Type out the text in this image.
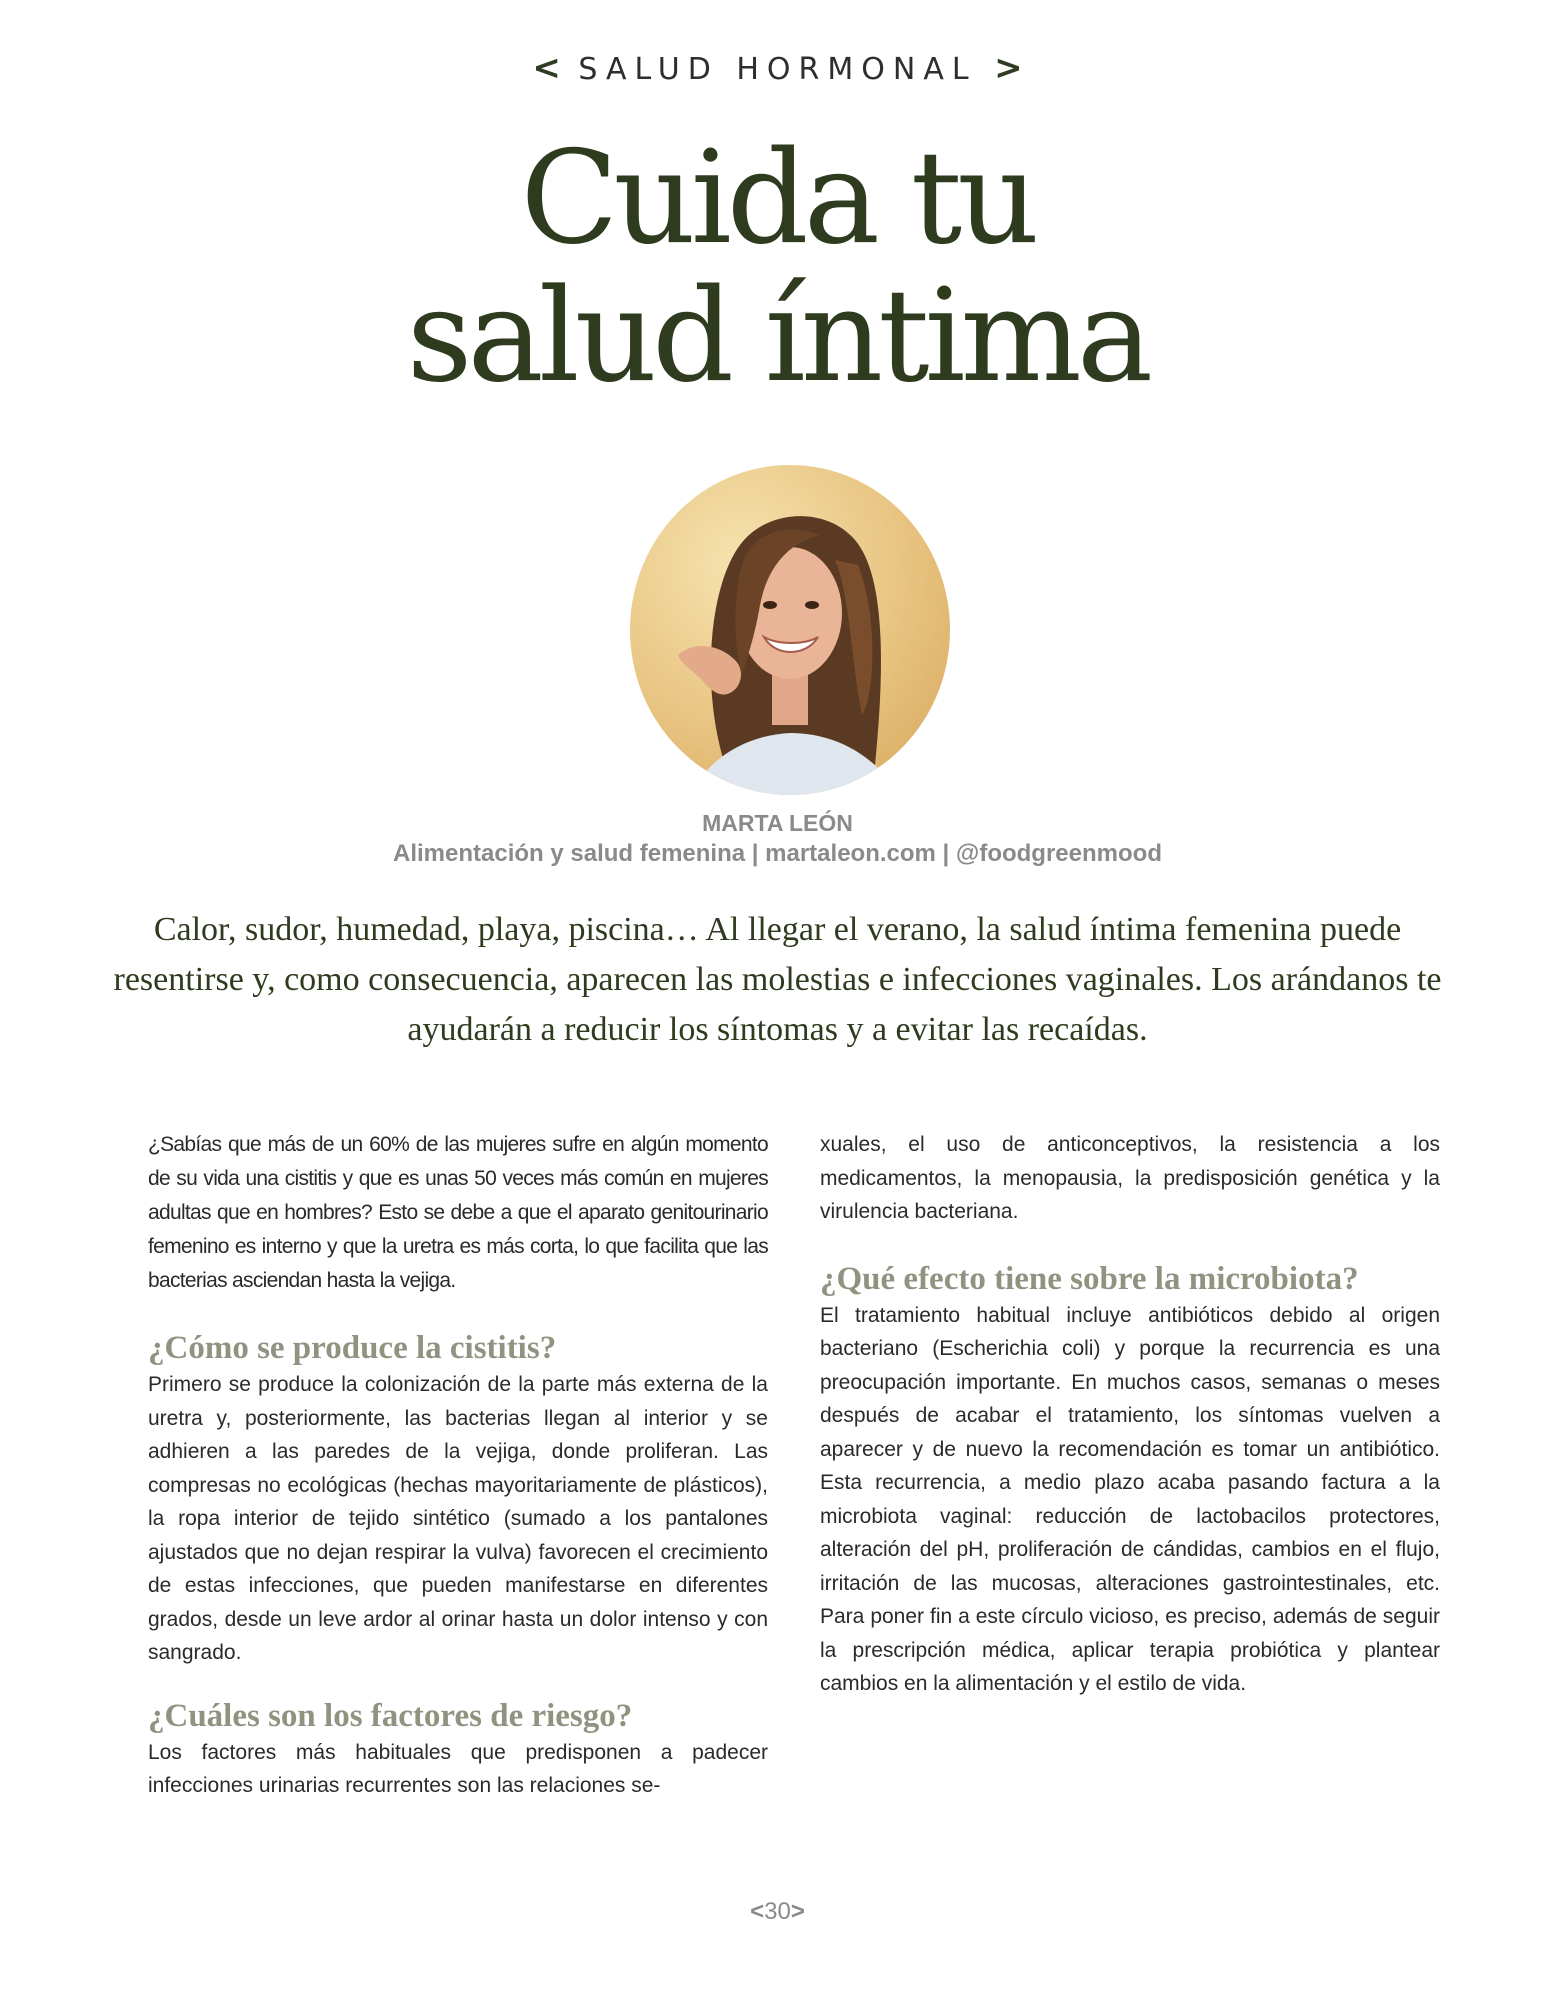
< SALUD HORMONAL >
Cuida tu
salud íntima
MARTA LEÓN
Alimentación y salud femenina | martaleon.com | @foodgreenmood

Calor, sudor, humedad, playa, piscina… Al llegar el verano, la salud íntima femenina puede resentirse y, como consecuencia, aparecen las molestias e infecciones vaginales. Los arándanos te ayudarán a reducir los síntomas y a evitar las recaídas.

¿Sabías que más de un 60% de las mujeres sufre en algún momento de su vida una cistitis y que es unas 50 veces más común en mujeres adultas que en hombres? Esto se debe a que el aparato genitourinario femenino es interno y que la uretra es más corta, lo que facilita que las bacterias asciendan hasta la vejiga.

¿Cómo se produce la cistitis?

Primero se produce la colonización de la parte más externa de la uretra y, posteriormente, las bacterias llegan al interior y se adhieren a las paredes de la vejiga, donde proliferan. Las compresas no ecológicas (hechas mayoritariamente de plásticos), la ropa interior de tejido sintético (sumado a los pantalones ajustados que no dejan respirar la vulva) favorecen el crecimiento de estas infecciones, que pueden manifestarse en diferentes grados, desde un leve ardor al orinar hasta un dolor intenso y con sangrado.

¿Cuáles son los factores de riesgo?

Los factores más habituales que predisponen a padecer infecciones urinarias recurrentes son las relaciones se-

xuales, el uso de anticonceptivos, la resistencia a los medicamentos, la menopausia, la predisposición genética y la virulencia bacteriana.

¿Qué efecto tiene sobre la microbiota?

El tratamiento habitual incluye antibióticos debido al origen bacteriano (Escherichia coli) y porque la recurrencia es una preocupación importante. En muchos casos, semanas o meses después de acabar el tratamiento, los síntomas vuelven a aparecer y de nuevo la recomendación es tomar un antibiótico. Esta recurrencia, a medio plazo acaba pasando factura a la microbiota vaginal: reducción de lactobacilos protectores, alteración del pH, proliferación de cándidas, cambios en el flujo, irritación de las mucosas, alteraciones gastrointestinales, etc. Para poner fin a este círculo vicioso, es preciso, además de seguir la prescripción médica, aplicar terapia probiótica y plantear cambios en la alimentación y el estilo de vida.

<30>
